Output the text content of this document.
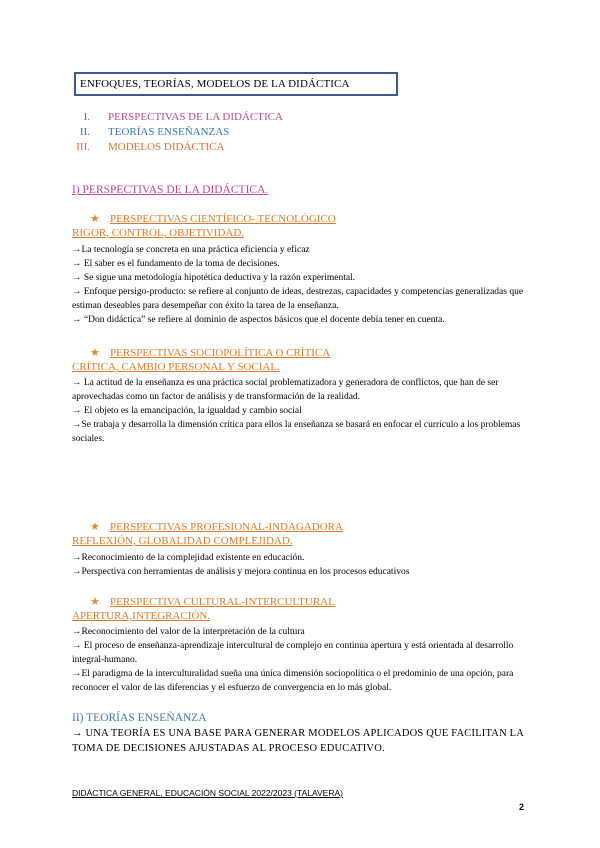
ENFOQUES, TEORÍAS, MODELOS DE LA DIDÁCTICA
I. PERSPECTIVAS DE LA DIDÁCTICA
II. TEORÍAS ENSEÑANZAS
III. MODELOS DIDÁCTICA
I) PERSPECTIVAS DE LA DIDÁCTICA.
★ PERSPECTIVAS CIENTÍFICO- TECNOLÓGICO
RIGOR, CONTROL, OBJETIVIDAD.

→La tecnología se concreta en una práctica eficiencia y eficaz

→ El saber es el fundamento de la toma de decisiones.

→ Se sigue una metodología hipotética deductiva y la razón experimental.

→ Enfoque persigo-producto: se refiere al conjunto de ideas, destrezas, capacidades y competencias generalizadas que estiman deseables para desempeñar con éxito la tarea de la enseñanza.

→ “Don didáctica” se refiere al dominio de aspectos básicos que el docente debía tener en cuenta.

★ PERSPECTIVAS SOCIOPOLÍTICA O CRÍTICA
CRÍTICA, CAMBIO PERSONAL Y SOCIAL.

→ La actitud de la enseñanza es una práctica social problematizadora y generadora de conflictos, que han de ser aprovechadas como un factor de análisis y de transformación de la realidad.

→ El objeto es la emancipación, la igualdad y cambio social

→Se trabaja y desarrolla la dimensión crítica para ellos la enseñanza se basará en enfocar el currículo a los problemas sociales.

★ PERSPECTIVAS PROFESIONAL-INDAGADORA
REFLEXIÓN, GLOBALIDAD COMPLEJIDAD.

→Reconocimiento de la complejidad existente en educación.

→Perspectiva con herramientas de análisis y mejora continua en los procesos educativos

★ PERSPECTIVA CULTURAL-INTERCULTURAL
APERTURA,INTEGRACIÓN.

→Reconocimiento del valor de la interpretación de la cultura

→ El proceso de enseñanza-aprendizaje intercultural de complejo en continua apertura y está orientada al desarrollo integral-humano.

→El paradigma de la interculturalidad sueña una única dimensión sociopolítica o el predominio de una opción, para reconocer el valor de las diferencias y el esfuerzo de convergencia en lo más global.

II) TEORÍAS ENSEÑANZA
→ UNA TEORÍA ES UNA BASE PARA GENERAR MODELOS APLICADOS QUE FACILITAN LA TOMA DE DECISIONES AJUSTADAS AL PROCESO EDUCATIVO.
DIDÁCTICA GENERAL, EDUCACIÓN SOCIAL 2022/2023 (TALAVERA)
2
